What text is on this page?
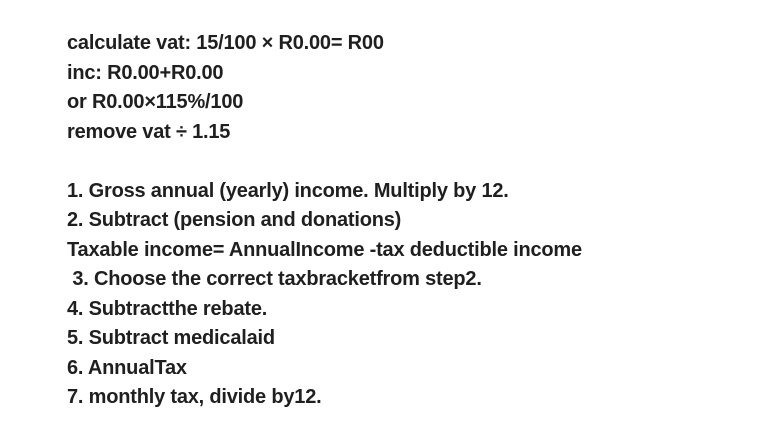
calculate vat: 15/100 × R0.00= R00
inc: R0.00+R0.00
or R0.00×115%/100
remove vat ÷ 1.15
1. Gross annual (yearly) income. Multiply by 12.
2. Subtract (pension and donations)
Taxable income= AnnualIncome -tax deductible income
3. Choose the correct taxbracketfrom step2.
4. Subtractthe rebate.
5. Subtract medicalaid
6. AnnualTax
7. monthly tax, divide by12.
